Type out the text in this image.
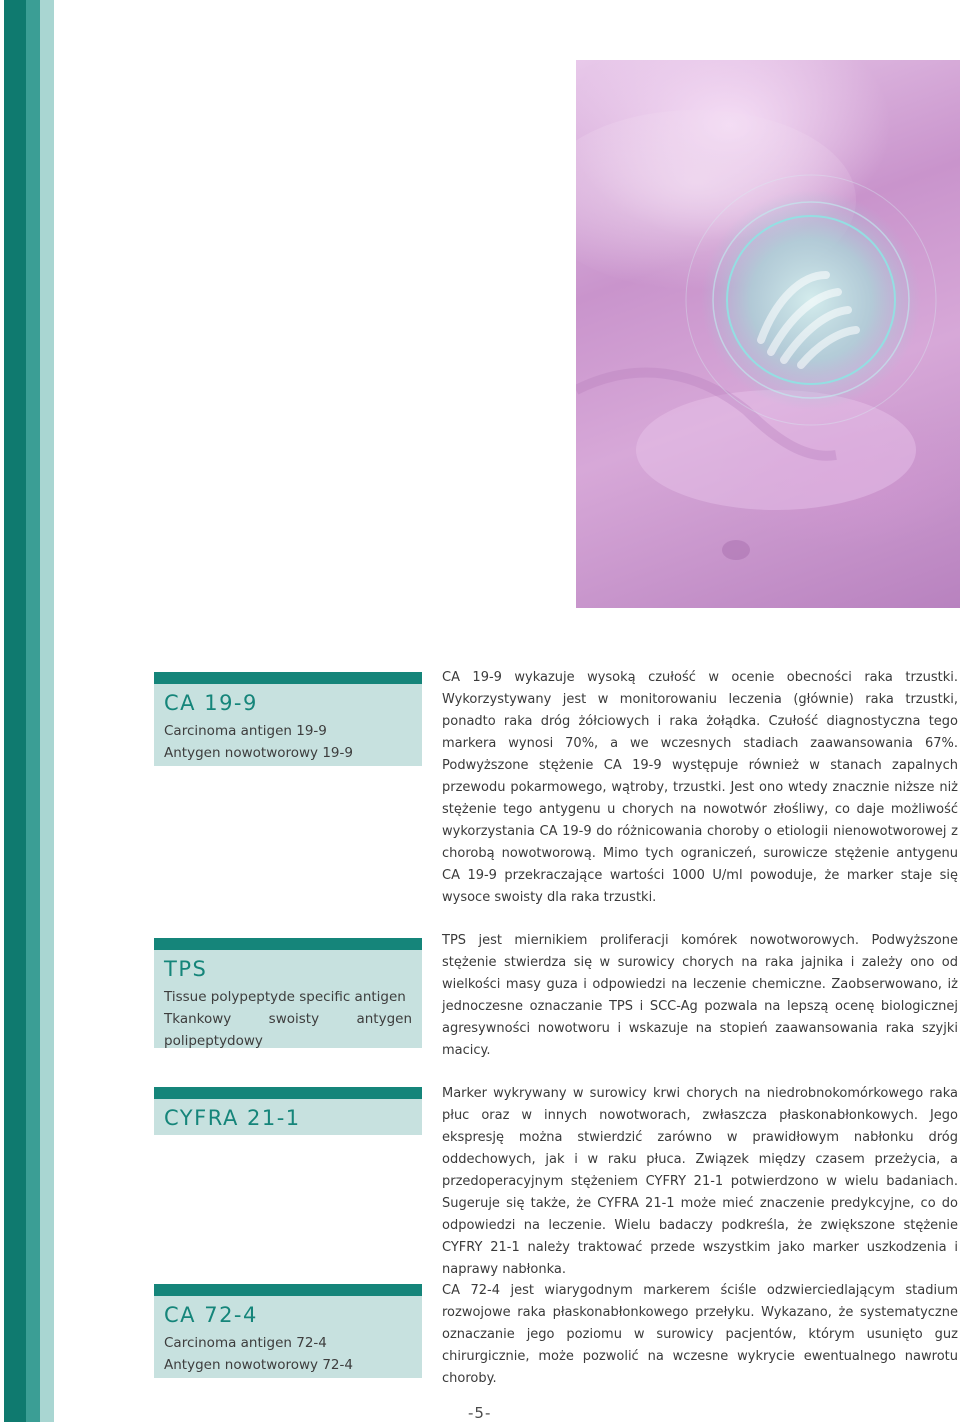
CA 19-9
Carcinoma antigen 19-9
Antygen nowotworowy 19-9

CA 19-9 wykazuje wysoką czułość w ocenie obecności raka trzustki. Wykorzystywany jest w monitorowaniu leczenia (głównie) raka trzustki, ponadto raka dróg żółciowych i raka żołądka. Czułość diagnostyczna tego markera wynosi 70%, a we wczesnych stadiach zaawansowania 67%. Podwyższone stężenie CA 19-9 występuje również w stanach zapalnych przewodu pokarmowego, wątroby, trzustki. Jest ono wtedy znacznie niższe niż stężenie tego antygenu u chorych na nowotwór złośliwy, co daje możliwość wykorzystania CA 19-9 do różnicowania choroby o etiologii nienowotworowej z chorobą nowotworową. Mimo tych ograniczeń, surowicze stężenie antygenu CA 19-9 przekraczające wartości 1000 U/ml powoduje, że marker staje się wysoce swoisty dla raka trzustki.

TPS
Tissue polypeptyde specific antigen
Tkankowy swoisty antygen polipeptydowy

TPS jest miernikiem proliferacji komórek nowotworowych. Podwyższone stężenie stwierdza się w surowicy chorych na raka jajnika i zależy ono od wielkości masy guza i odpowiedzi na leczenie chemiczne. Zaobserwowano, iż jednoczesne oznaczanie TPS i SCC-Ag pozwala na lepszą ocenę biologicznej agresywności nowotworu i wskazuje na stopień zaawansowania raka szyjki macicy.

CYFRA 21-1

Marker wykrywany w surowicy krwi chorych na niedrobnokomórkowego raka płuc oraz w innych nowotworach, zwłaszcza płaskonabłonkowych. Jego ekspresję można stwierdzić zarówno w prawidłowym nabłonku dróg oddechowych, jak i w raku płuca. Związek między czasem przeżycia, a przedoperacyjnym stężeniem CYFRY 21-1 potwierdzono w wielu badaniach. Sugeruje się także, że CYFRA 21-1 może mieć znaczenie predykcyjne, co do odpowiedzi na leczenie. Wielu badaczy podkreśla, że zwiększone stężenie CYFRY 21-1 należy traktować przede wszystkim jako marker uszkodzenia i naprawy nabłonka.

CA 72-4
Carcinoma antigen 72-4
Antygen nowotworowy 72-4

CA 72-4 jest wiarygodnym markerem ściśle odzwierciedlającym stadium rozwojowe raka płaskonabłonkowego przełyku. Wykazano, że systematyczne oznaczanie jego poziomu w surowicy pacjentów, którym usunięto guz chirurgicznie, może pozwolić na wczesne wykrycie ewentualnego nawrotu choroby.

-5-
